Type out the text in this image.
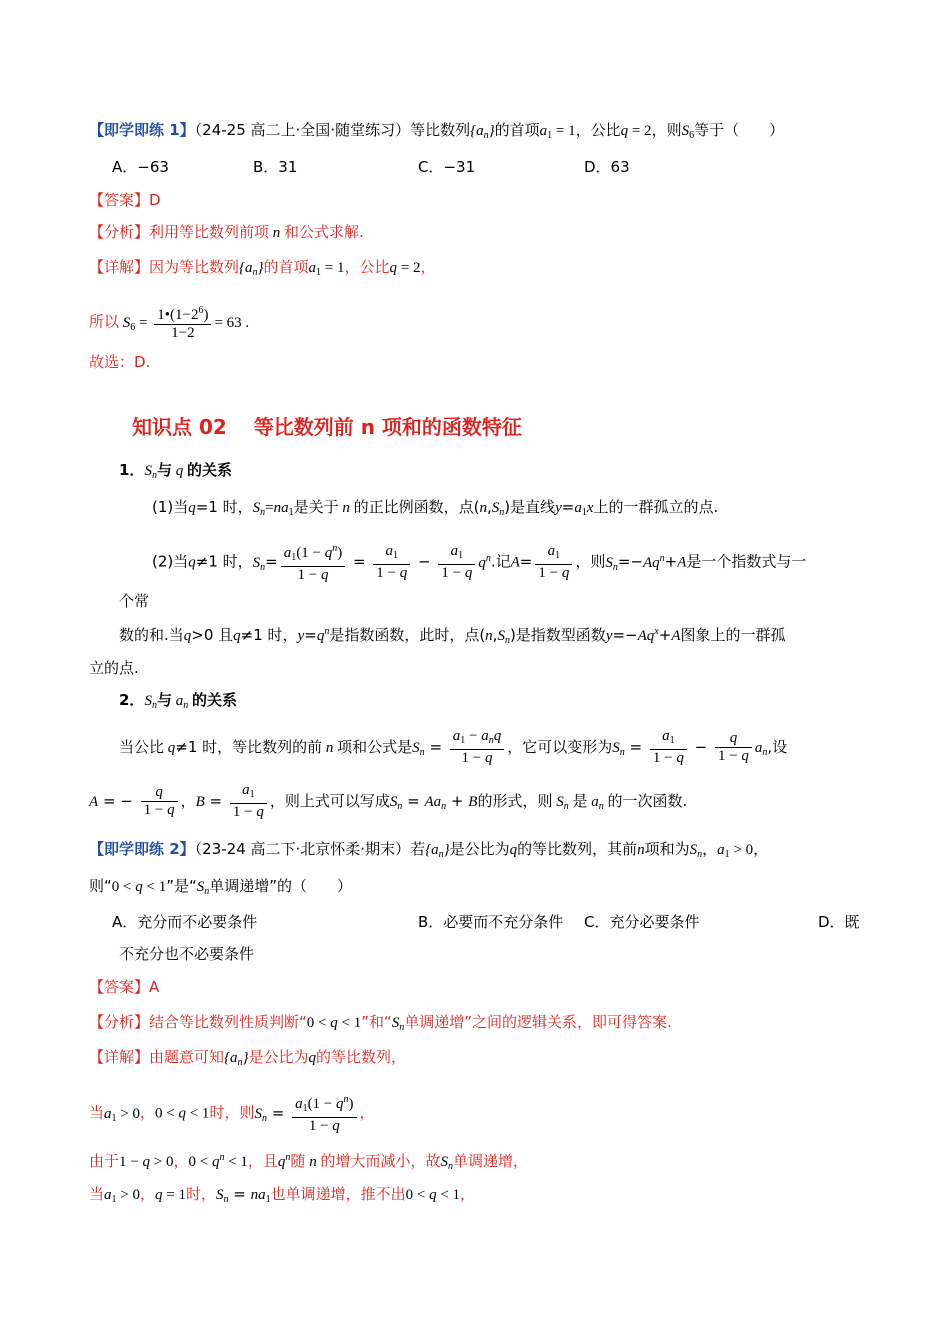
【即学即练 1】（24-25 高二上·全国·随堂练习）等比数列$\{a_n\}$的首项$a_1 = 1$，公比q = 2，则$S_6$等于（　　）
A．−63	B．31	C．−31	D．63
【答案】D
【分析】利用等比数列前项 n 和公式求解.
【详解】因为等比数列$\{a_n\}$的首项$a_1 = 1$，公比q = 2，
所以 $S_6 = \frac{1•(1-2^6)}{1-2} = 63$ .
故选：D.
知识点 02　 等比数列前 n 项和的函数特征
1．$S_n$与 q 的关系
(1)当q=1 时，$S_n=na_1$是关于 n 的正比例函数，点$(n,S_n)$是直线$y=a_1x$上的一群孤立的点.
(2)当q≠1 时，$S_n= \frac{a_1(1 - q^n)}{1 - q} = \frac{a_1}{1 - q} - \frac{a_1}{1 - q} q^n$.记$A= \frac{a_1}{1 - q}$ ，则$S_n=-Aq^n+A$是一个指数式与一
个常
数的和.当q>0 且q≠1 时，$y=q^n$是指数函数，此时，点$(n,S_n)$是指数型函数$y=-Aq^x+A$图象上的一群孤
立的点.
2．$S_n$与 $a_n$ 的关系
当公比 q≠1 时，等比数列的前 n 项和公式是$S_n = \frac{a_1 - a_nq}{1 - q}$ ，它可以变形为$S_n = \frac{a_1}{1 - q} - \frac{q}{1 - q} a_n$,设
A = − $\frac{q}{1 - q}$ ，$B = \frac{a_1}{1 - q}$ ，则上式可以写成$S_n = Aa_n + B$的形式，则 $S_n$ 是 $a_n$ 的一次函数.
【即学即练 2】（23-24 高二下·北京怀柔·期末）若$\{a_n\}$是公比为q的等比数列，其前n项和为$S_n$，$a_1 > 0$，
则“0 < q < 1”是“$S_n$单调递增”的（　　）
A．充分而不必要条件	B．必要而不充分条件 C．充分必要条件	D．既
不充分也不必要条件
【答案】A
【分析】结合等比数列性质判断“0 < q < 1”和“$S_n$单调递增”之间的逻辑关系，即可得答案.
【详解】由题意可知$\{a_n\}$是公比为q的等比数列，
当$a_1 > 0$，0 < q < 1时，则$S_n = \frac{a_1(1 - q^n)}{1 - q}$ ，
由于1 − q > 0，$0 < q^n < 1$，且$q^n$随 n 的增大而减小，故$S_n$单调递增，
当$a_1 > 0$，q = 1时，$S_n = na_1$也单调递增，推不出0 < q < 1，
